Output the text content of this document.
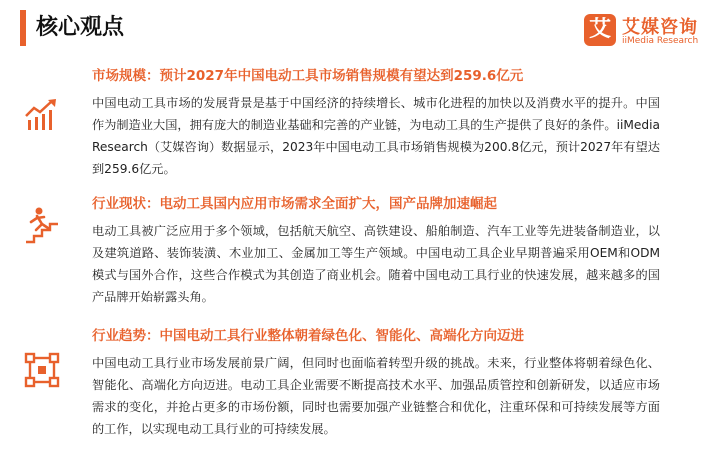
核心观点	艾 艾媒咨询
iiMedia Research

市场规模：预计2027年中国电动工具市场销售规模有望达到259.6亿元

中国电动工具市场的发展背景是基于中国经济的持续增长、城市化进程的加快以及消费水平的提升。中国作为制造业大国，拥有庞大的制造业基础和完善的产业链，为电动工具的生产提供了良好的条件。iiMedia Research（艾媒咨询）数据显示，2023年中国电动工具市场销售规模为200.8亿元，预计2027年有望达到259.6亿元。

行业现状：电动工具国内应用市场需求全面扩大，国产品牌加速崛起

电动工具被广泛应用于多个领域，包括航天航空、高铁建设、船舶制造、汽车工业等先进装备制造业，以及建筑道路、装饰装潢、木业加工、金属加工等生产领域。中国电动工具企业早期普遍采用OEM和ODM模式与国外合作，这些合作模式为其创造了商业机会。随着中国电动工具行业的快速发展，越来越多的国产品牌开始崭露头角。

行业趋势：中国电动工具行业整体朝着绿色化、智能化、高端化方向迈进

中国电动工具行业市场发展前景广阔，但同时也面临着转型升级的挑战。未来，行业整体将朝着绿色化、智能化、高端化方向迈进。电动工具企业需要不断提高技术水平、加强品质管控和创新研发，以适应市场需求的变化，并抢占更多的市场份额，同时也需要加强产业链整合和优化，注重环保和可持续发展等方面的工作，以实现电动工具行业的可持续发展。
